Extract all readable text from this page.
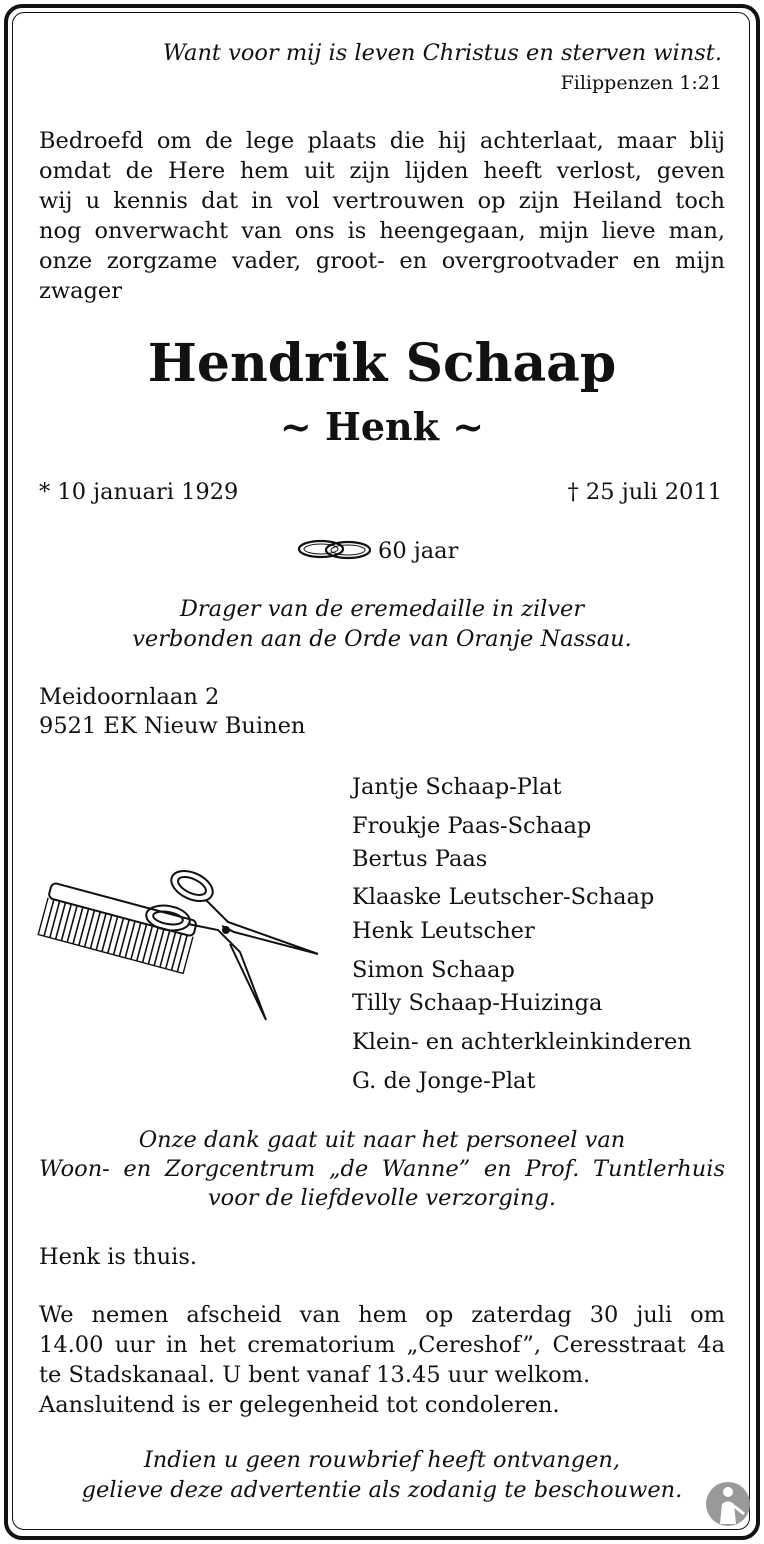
Want voor mij is leven Christus en sterven winst.

Filippenzen 1:21

Bedroefd om de lege plaats die hij achterlaat, maar blij
omdat de Here hem uit zijn lijden heeft verlost, geven
wij u kennis dat in vol vertrouwen op zijn Heiland toch
nog onverwacht van ons is heengegaan, mijn lieve man,
onze zorgzame vader, groot- en overgrootvader en mijn
zwager

Hendrik Schaap

~ Henk ~

* 10 januari 1929	† 25 juli 2011

60 jaar

Drager van de eremedaille in zilver

verbonden aan de Orde van Oranje Nassau.

Meidoornlaan 2

9521 EK Nieuw Buinen

Jantje Schaap-Plat

Froukje Paas-Schaap

Bertus Paas

Klaaske Leutscher-Schaap

Henk Leutscher

Simon Schaap

Tilly Schaap-Huizinga

Klein- en achterkleinkinderen

G. de Jonge-Plat

Onze dank gaat uit naar het personeel van

Woon- en Zorgcentrum „de Wanne” en Prof. Tuntlerhuis

voor de liefdevolle verzorging.

Henk is thuis.

We nemen afscheid van hem op zaterdag 30 juli om
14.00 uur in het crematorium „Cereshof”, Ceresstraat 4a
te Stadskanaal. U bent vanaf 13.45 uur welkom.
Aansluitend is er gelegenheid tot condoleren.

Indien u geen rouwbrief heeft ontvangen,

gelieve deze advertentie als zodanig te beschouwen.
